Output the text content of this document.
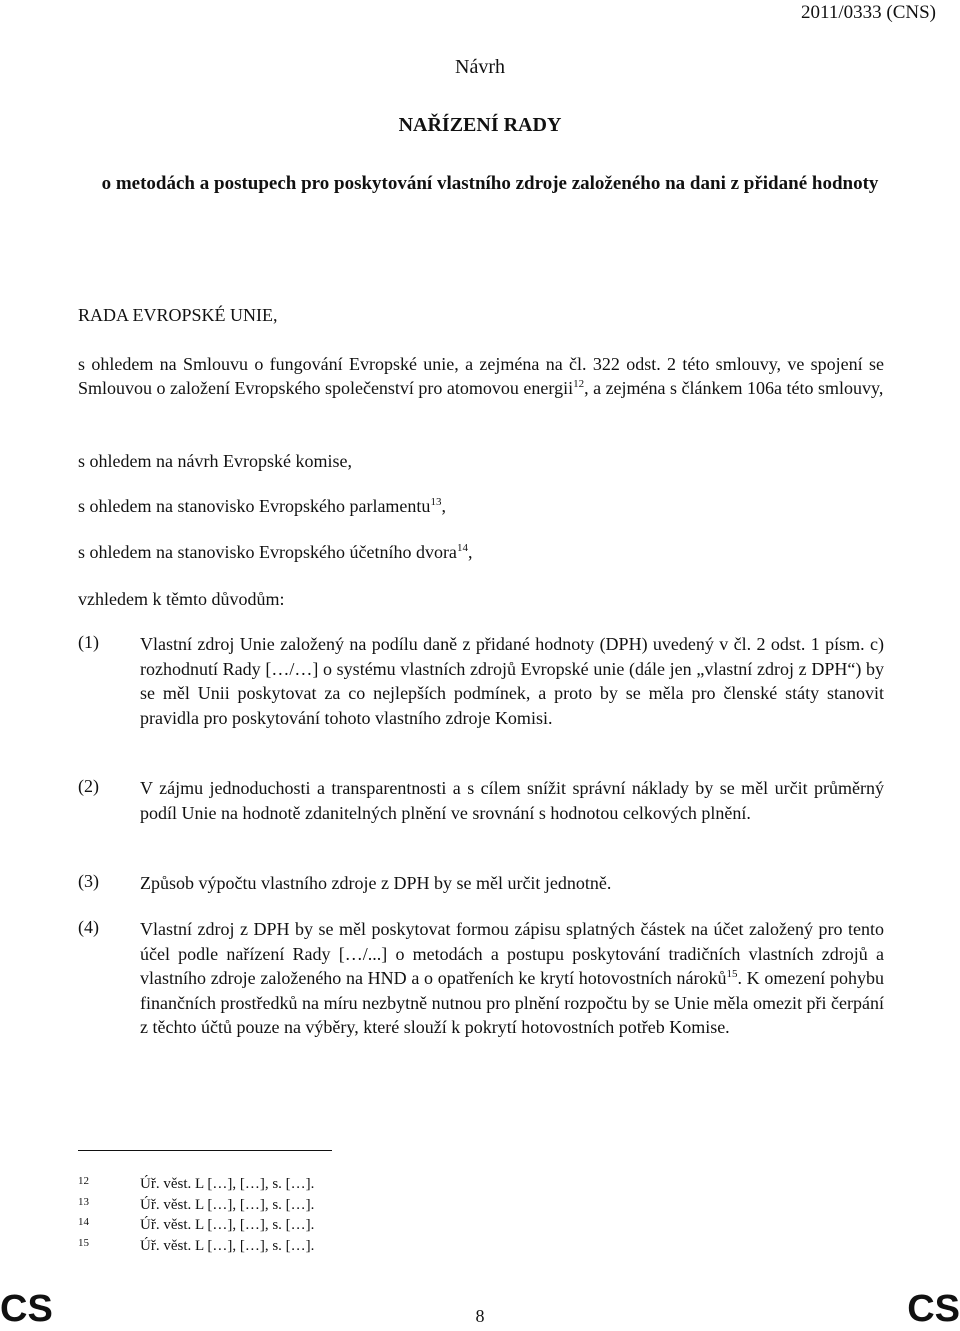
2011/0333 (CNS)
Návrh
NAŘÍZENÍ RADY
o metodách a postupech pro poskytování vlastního zdroje založeného na dani z přidané hodnoty
RADA EVROPSKÉ UNIE,
s ohledem na Smlouvu o fungování Evropské unie, a zejména na čl. 322 odst. 2 této smlouvy, ve spojení se Smlouvou o založení Evropského společenství pro atomovou energii$^{12}$, a zejména s článkem 106a této smlouvy,
s ohledem na návrh Evropské komise,
s ohledem na stanovisko Evropského parlamentu$^{13}$,
s ohledem na stanovisko Evropského účetního dvora$^{14}$,
vzhledem k těmto důvodům:
(1) Vlastní zdroj Unie založený na podílu daně z přidané hodnoty (DPH) uvedený v čl. 2 odst. 1 písm. c) rozhodnutí Rady […/…] o systému vlastních zdrojů Evropské unie (dále jen „vlastní zdroj z DPH“) by se měl Unii poskytovat za co nejlepších podmínek, a proto by se měla pro členské státy stanovit pravidla pro poskytování tohoto vlastního zdroje Komisi.
(2) V zájmu jednoduchosti a transparentnosti a s cílem snížit správní náklady by se měl určit průměrný podíl Unie na hodnotě zdanitelných plnění ve srovnání s hodnotou celkových plnění.
(3) Způsob výpočtu vlastního zdroje z DPH by se měl určit jednotně.
(4) Vlastní zdroj z DPH by se měl poskytovat formou zápisu splatných částek na účet založený pro tento účel podle nařízení Rady […/...] o metodách a postupu poskytování tradičních vlastních zdrojů a vlastního zdroje založeného na HND a o opatřeních ke krytí hotovostních nároků$^{15}$. K omezení pohybu finančních prostředků na míru nezbytně nutnou pro plnění rozpočtu by se Unie měla omezit při čerpání z těchto účtů pouze na výběry, které slouží k pokrytí hotovostních potřeb Komise.
12	Úř. věst. L […], […], s. […].
13	Úř. věst. L […], […], s. […].
14	Úř. věst. L […], […], s. […].
15	Úř. věst. L […], […], s. […].
CS	8	CS
